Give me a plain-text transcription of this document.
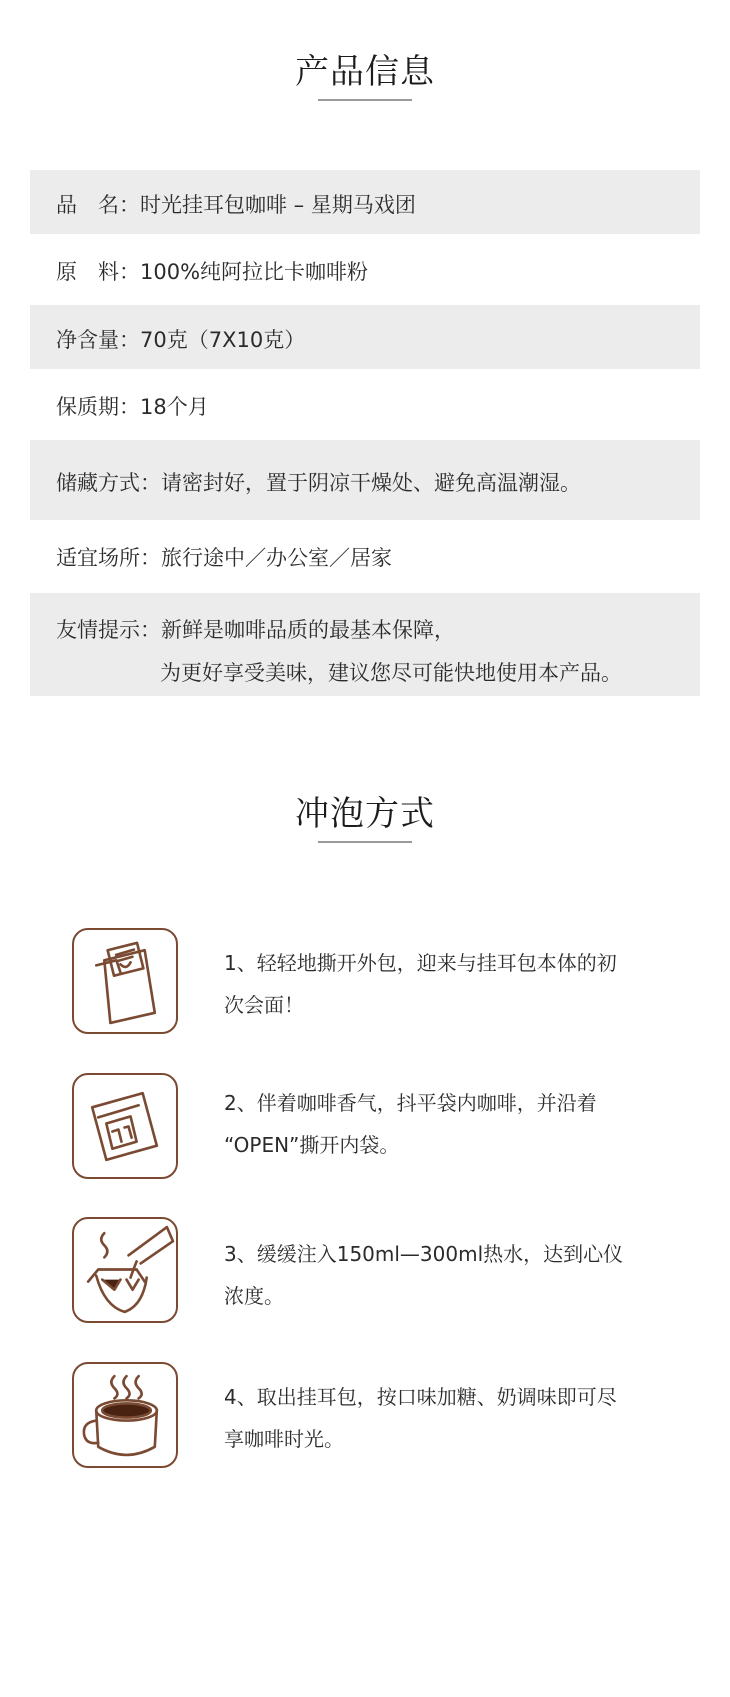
产品信息
品　名：时光挂耳包咖啡 – 星期马戏团
原　料：100%纯阿拉比卡咖啡粉
净含量：70克（7X10克）
保质期：18个月
储藏方式：请密封好，置于阴凉干燥处、避免高温潮湿。
适宜场所：旅行途中／办公室／居家
友情提示：新鲜是咖啡品质的最基本保障，
为更好享受美味，建议您尽可能快地使用本产品。
冲泡方式
1、轻轻地撕开外包，迎来与挂耳包本体的初
次会面！
2、伴着咖啡香气，抖平袋内咖啡，并沿着
“OPEN”撕开内袋。
3、缓缓注入150ml—300ml热水，达到心仪
浓度。
4、取出挂耳包，按口味加糖、奶调味即可尽
享咖啡时光。
